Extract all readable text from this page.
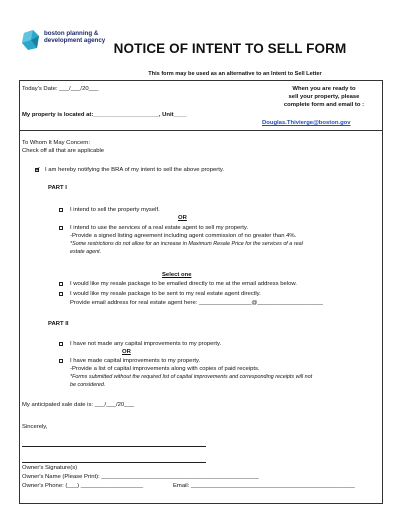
boston planning &
development agency
NOTICE OF INTENT TO SELL FORM
This form may be used as an alternative to an Intent to Sell Letter
Today's Date: ___/___/20___
My property is located at:____________________, Unit____
When you are ready to
sell your property, please
complete form and email to :
Douglas.Thivierge@boston.gov
To Whom It May Concern:
Check off all that are applicable
✓
I am hereby notifying the BRA of my intent to sell the above property.
PART I
I intend to sell the property myself.
OR
I intend to use the services of a real estate agent to sell my property.
-Provide a signed listing agreement including agent commission of no greater than 4%.
*Some restrictions do not allow for an increase in Maximum Resale Price for the services of a real
estate agent.
Select one
I would like my resale package to be emailed directly to me at the email address below.
I would like my resale package to be sent to my real estate agent directly.
Provide email address for real estate agent here: ________________@____________________
PART II
I have not made any capital improvements to my property.
OR
I have made capital improvements to my property.
-Provide a list of capital improvements along with copies of paid receipts.
*Forms submitted without the required list of capital improvements and corresponding receipts will not
be considered.
My anticipated sale date is: ___/___/20___
Sincerely,
Owner's Signature(s)
Owner's Name (Please Print): ________________________________________________
Owner's Phone: (___) ___________________	Email: __________________________________________________
